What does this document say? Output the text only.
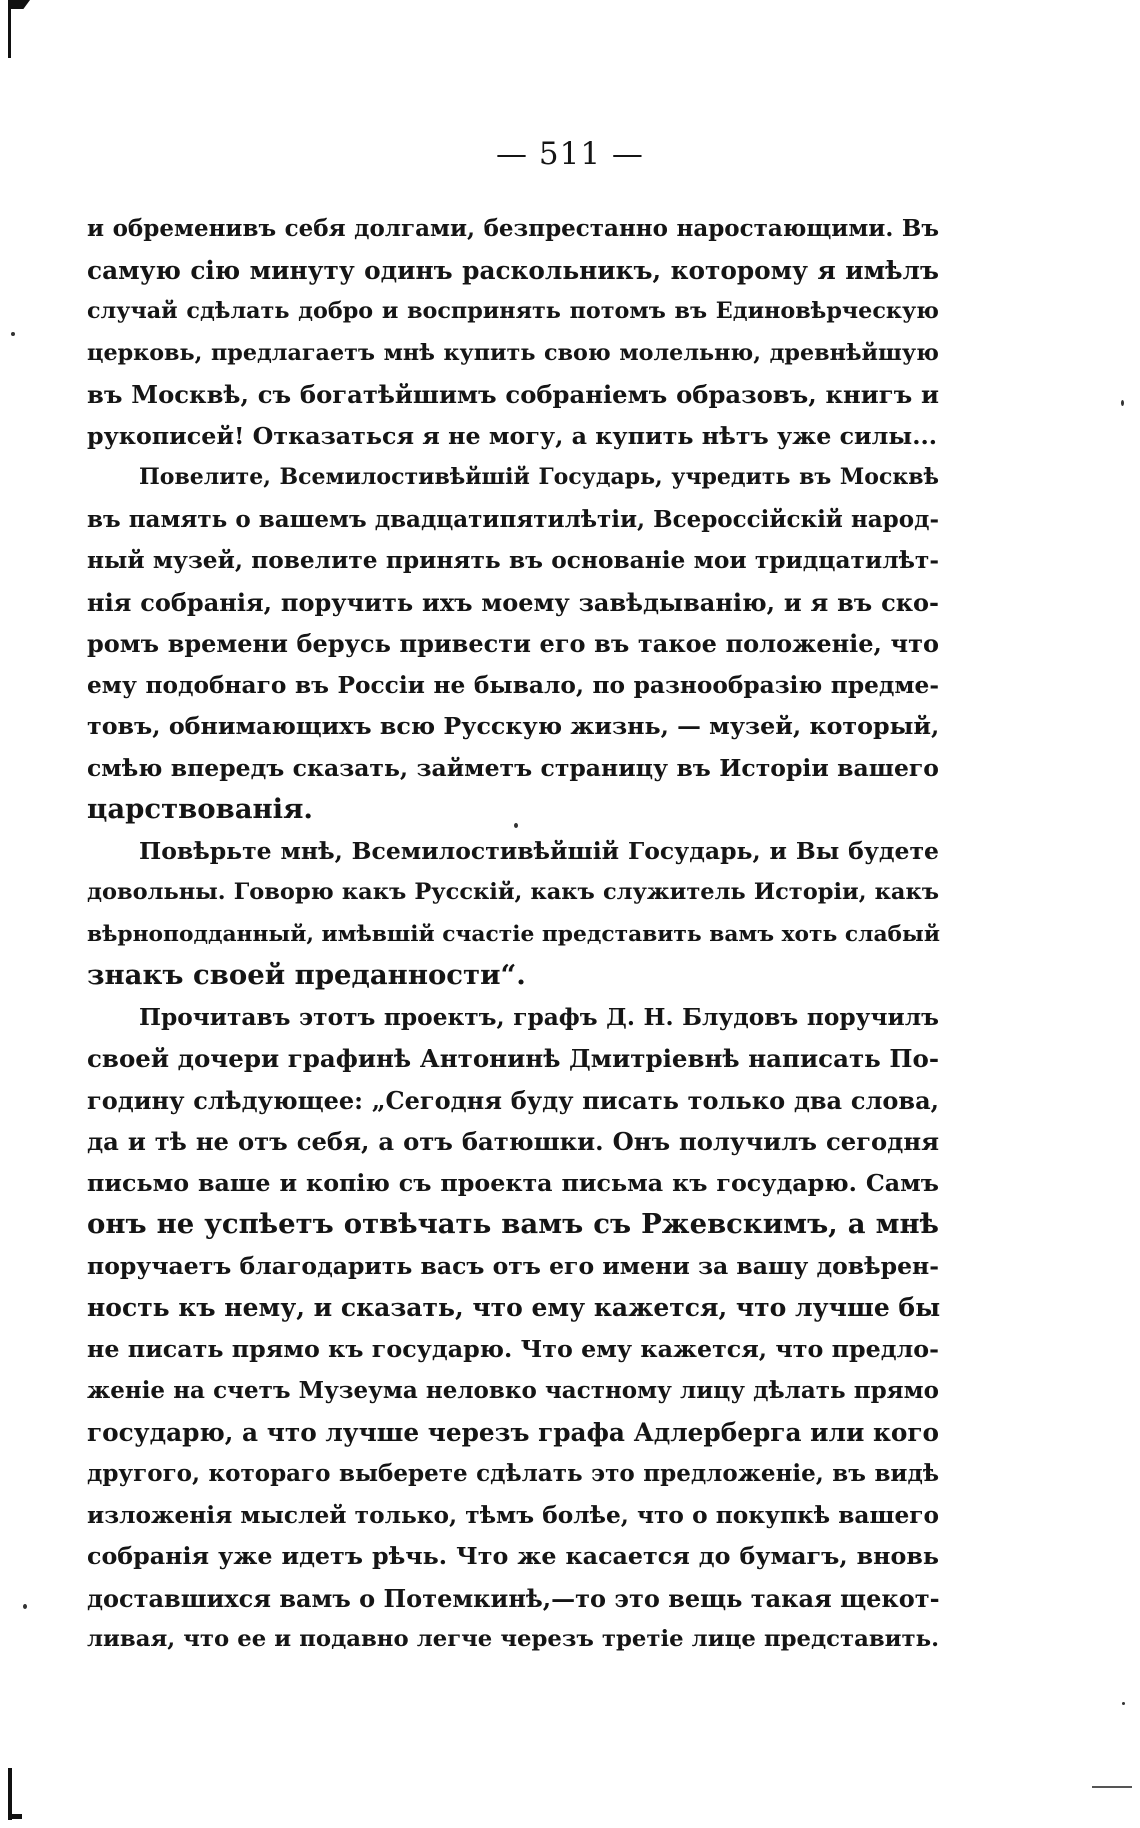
— 511 —
и обременивъ себя долгами, безпрестанно наростающими. Въ
самую сію минуту одинъ раскольникъ, которому я имѣлъ
случай сдѣлать добро и воспринять потомъ въ Единовѣрческую
церковь, предлагаетъ мнѣ купить свою молельню, древнѣйшую
въ Москвѣ, съ богатѣйшимъ собраніемъ образовъ, книгъ и
рукописей! Отказаться я не могу, а купить нѣтъ уже силы...
Повелите, Всемилостивѣйшій Государь, учредить въ Москвѣ
въ память о вашемъ двадцатипятилѣтіи, Всероссійскій народ-
ный музей, повелите принять въ основаніе мои тридцатилѣт-
нія собранія, поручить ихъ моему завѣдыванію, и я въ ско-
ромъ времени берусь привести его въ такое положеніе, что
ему подобнаго въ Россіи не бывало, по разнообразію предме-
товъ, обнимающихъ всю Русскую жизнь, — музей, который,
смѣю впередъ сказать, займетъ страницу въ Исторіи вашего
царствованія.
Повѣрьте мнѣ, Всемилостивѣйшій Государь, и Вы будете
довольны. Говорю какъ Русскій, какъ служитель Исторіи, какъ
вѣрноподданный, имѣвшій счастіе представить вамъ хоть слабый
знакъ своей преданности“.
Прочитавъ этотъ проектъ, графъ Д. Н. Блудовъ поручилъ
своей дочери графинѣ Антонинѣ Дмитріевнѣ написать По-
годину слѣдующее: „Сегодня буду писать только два слова,
да и тѣ не отъ себя, а отъ батюшки. Онъ получилъ сегодня
письмо ваше и копію съ проекта письма къ государю. Самъ
онъ не успѣетъ отвѣчать вамъ съ Ржевскимъ, а мнѣ
поручаетъ благодарить васъ отъ его имени за вашу довѣрен-
ность къ нему, и сказать, что ему кажется, что лучше бы
не писать прямо къ государю. Что ему кажется, что предло-
женіе на счетъ Музеума неловко частному лицу дѣлать прямо
государю, а что лучше черезъ графа Адлерберга или кого
другого, котораго выберете сдѣлать это предложеніе, въ видѣ
изложенія мыслей только, тѣмъ болѣе, что о покупкѣ вашего
собранія уже идетъ рѣчь. Что же касается до бумагъ, вновь
доставшихся вамъ о Потемкинѣ,—то это вещь такая щекот-
ливая, что ее и подавно легче черезъ третіе лице представить.
